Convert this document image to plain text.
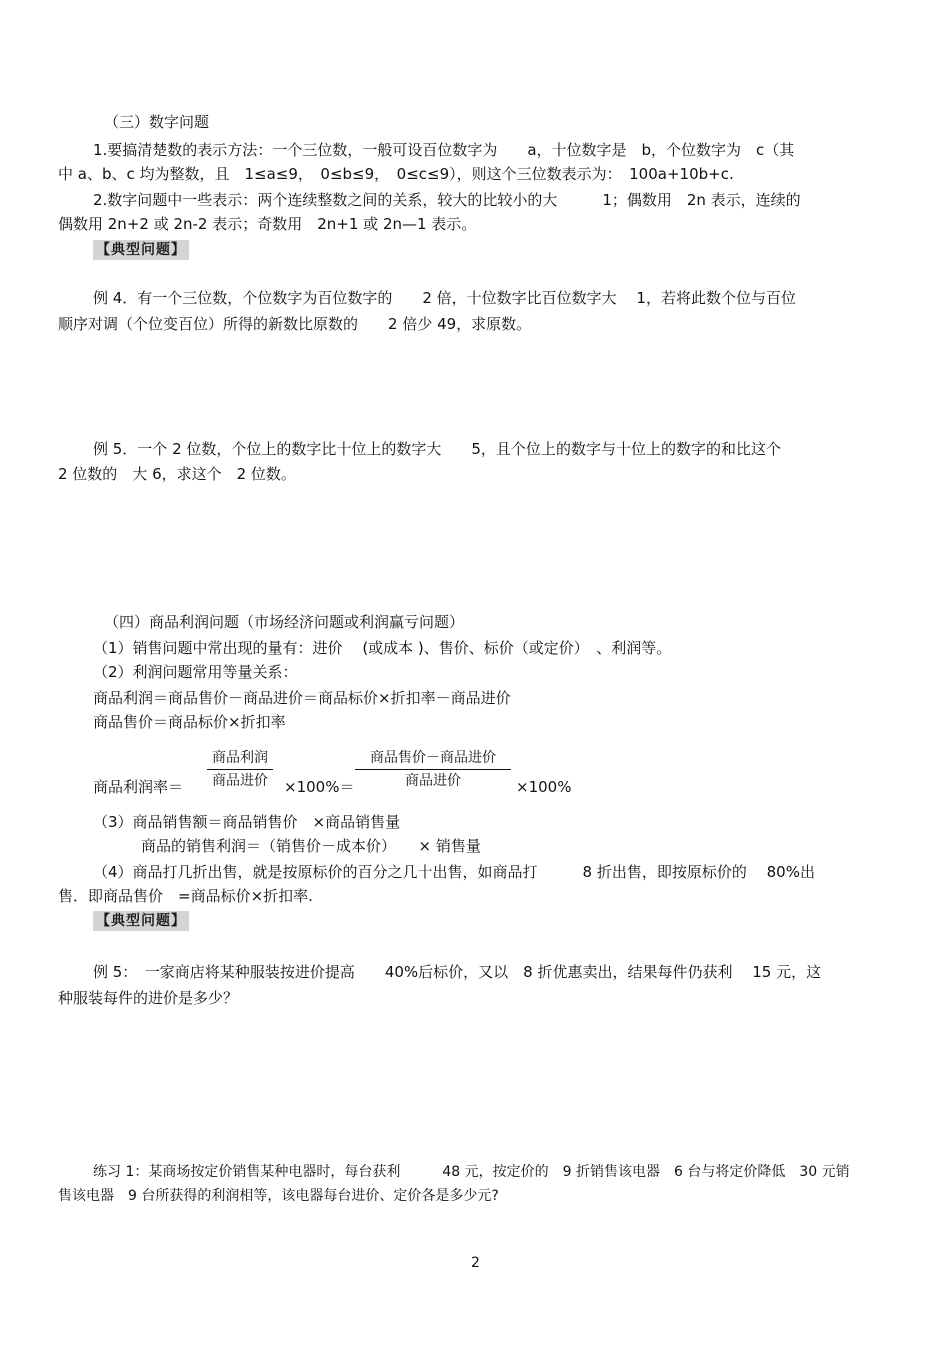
（三）数字问题
1.要搞清楚数的表示方法：一个三位数，一般可设百位数字为　　a，十位数字是　b，个位数字为　c（其
中 a、b、c 均为整数，且　1≤a≤9，　0≤b≤9，　0≤c≤9），则这个三位数表示为：　100a+10b+c.
2.数字问题中一些表示：两个连续整数之间的关系，较大的比较小的大　　　1；偶数用　2n 表示，连续的
偶数用 2n+2 或 2n-2 表示；奇数用　2n+1 或 2n—1 表示。
【典型问题】
例 4．有一个三位数，个位数字为百位数字的　　2 倍，十位数字比百位数字大　 1，若将此数个位与百位
顺序对调（个位变百位）所得的新数比原数的　　2 倍少 49，求原数。
例 5．一个 2 位数，个位上的数字比十位上的数字大　　5，且个位上的数字与十位上的数字的和比这个
2 位数的　大 6，求这个　2 位数。
（四）商品利润问题（市场经济问题或利润赢亏问题）
（1）销售问题中常出现的量有：进价　 (或成本 )、售价、标价（或定价）　、利润等。
（2）利润问题常用等量关系：
商品利润＝商品售价－商品进价＝商品标价×折扣率－商品进价
商品售价＝商品标价×折扣率
商品利润率＝
商品利润
商品进价	×100%＝
商品售价－商品进价
商品进价	×100%
（3）商品销售额＝商品销售价　×商品销售量
商品的销售利润＝（销售价－成本价）　　× 销售量
（4）商品打几折出售，就是按原标价的百分之几十出售，如商品打　　　8 折出售，即按原标价的　 80%出
售．即商品售价　=商品标价×折扣率.
【典型问题】
例 5：　一家商店将某种服装按进价提高　　40%后标价，又以　8 折优惠卖出，结果每件仍获利　 15 元，这
种服装每件的进价是多少？
练习 1：某商场按定价销售某种电器时，每台获利　　　48 元，按定价的　9 折销售该电器　6 台与将定价降低　30 元销
售该电器　9 台所获得的利润相等，该电器每台进价、定价各是多少元?
2
